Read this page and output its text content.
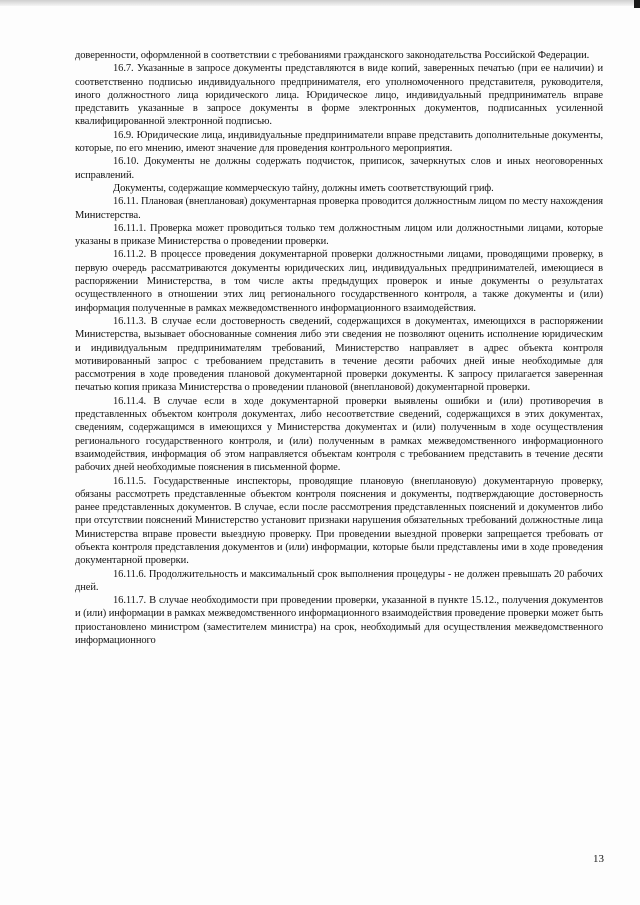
доверенности, оформленной в соответствии с требованиями гражданского законодательства Российской Федерации.

16.7. Указанные в запросе документы представляются в виде копий, заверенных печатью (при ее наличии) и соответственно подписью индивидуального предпринимателя, его уполномоченного представителя, руководителя, иного должностного лица юридического лица. Юридическое лицо, индивидуальный предприниматель вправе представить указанные в запросе документы в форме электронных документов, подписанных усиленной квалифицированной электронной подписью.

16.9. Юридические лица, индивидуальные предприниматели вправе представить дополнительные документы, которые, по его мнению, имеют значение для проведения контрольного мероприятия.

16.10. Документы не должны содержать подчисток, приписок, зачеркнутых слов и иных неоговоренных исправлений.

Документы, содержащие коммерческую тайну, должны иметь соответствующий гриф.

16.11. Плановая (внеплановая) документарная проверка проводится должностным лицом по месту нахождения Министерства.

16.11.1. Проверка может проводиться только тем должностным лицом или должностными лицами, которые указаны в приказе Министерства о проведении проверки.

16.11.2. В процессе проведения документарной проверки должностными лицами, проводящими проверку, в первую очередь рассматриваются документы юридических лиц, индивидуальных предпринимателей, имеющиеся в распоряжении Министерства, в том числе акты предыдущих проверок и иные документы о результатах осуществленного в отношении этих лиц регионального государственного контроля, а также документы и (или) информация полученные в рамках межведомственного информационного взаимодействия.

16.11.3. В случае если достоверность сведений, содержащихся в документах, имеющихся в распоряжении Министерства, вызывает обоснованные сомнения либо эти сведения не позволяют оценить исполнение юридическим и индивидуальным предпринимателям требований, Министерство направляет в адрес объекта контроля мотивированный запрос с требованием представить в течение десяти рабочих дней иные необходимые для рассмотрения в ходе проведения плановой документарной проверки документы. К запросу прилагается заверенная печатью копия приказа Министерства о проведении плановой (внеплановой) документарной проверки.

16.11.4. В случае если в ходе документарной проверки выявлены ошибки и (или) противоречия в представленных объектом контроля документах, либо несоответствие сведений, содержащихся в этих документах, сведениям, содержащимся в имеющихся у Министерства документах и (или) полученным в ходе осуществления регионального государственного контроля, и (или) полученным в рамках межведомственного информационного взаимодействия, информация об этом направляется объектам контроля с требованием представить в течение десяти рабочих дней необходимые пояснения в письменной форме.

16.11.5. Государственные инспекторы, проводящие плановую (внеплановую) документарную проверку, обязаны рассмотреть представленные объектом контроля пояснения и документы, подтверждающие достоверность ранее представленных документов. В случае, если после рассмотрения представленных пояснений и документов либо при отсутствии пояснений Министерство установит признаки нарушения обязательных требований должностные лица Министерства вправе провести выездную проверку. При проведении выездной проверки запрещается требовать от объекта контроля представления документов и (или) информации, которые были представлены ими в ходе проведения документарной проверки.

16.11.6. Продолжительность и максимальный срок выполнения процедуры - не должен превышать 20 рабочих дней.

16.11.7. В случае необходимости при проведении проверки, указанной в пункте 15.12., получения документов и (или) информации в рамках межведомственного информационного взаимодействия проведение проверки может быть приостановлено министром (заместителем министра) на срок, необходимый для осуществления межведомственного информационного

13
